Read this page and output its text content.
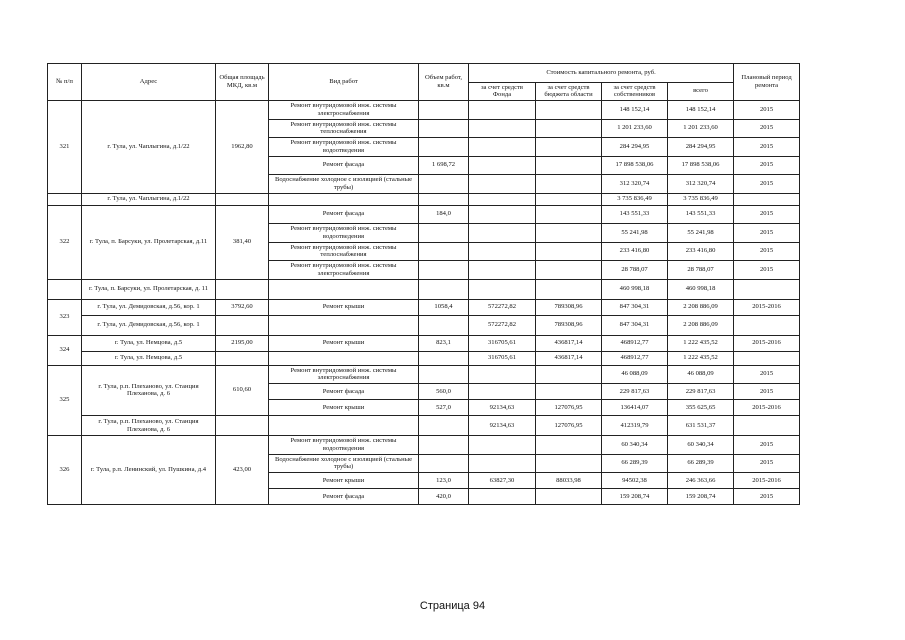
№ п/п	Адрес	Общая площадь МКД, кв.м	Вид работ	Объем работ, кв.м	Стоимость капитального ремонта, руб.				Плановый период ремонта
					за счет средств Фонда	за счет средств бюджета области	за счет средств собственников	всего	
321	г. Тула, ул. Чаплыгина, д.1/22	1962,80	Ремонт внутридомовой инж. системы электроснабжения				148 152,14	148 152,14	2015
			Ремонт внутридомовой инж. системы теплоснабжения				1 201 233,60	1 201 233,60	2015
			Ремонт внутридомовой инж. системы водоотведения				284 294,95	284 294,95	2015
			Ремонт фасада	1 698,72			17 898 538,06	17 898 538,06	2015
			Водоснабжение холодное с изоляцией (стальные трубы)				312 320,74	312 320,74	2015
	г. Тула, ул. Чаплыгина, д.1/22						3 735 836,49	3 735 836,49	
322	г. Тула, п. Барсуки, ул. Пролетарская, д.11	381,40	Ремонт фасада	184,0			143 551,33	143 551,33	2015
			Ремонт внутридомовой инж. системы водоотведения				55 241,98	55 241,98	2015
			Ремонт внутридомовой инж. системы теплоснабжения				233 416,80	233 416,80	2015
			Ремонт внутридомовой инж. системы электроснабжения				28 788,07	28 788,07	2015
	г. Тула, п. Барсуки, ул. Пролетарская, д. 11						460 998,18	460 998,18	
323	г. Тула, ул. Демидовская, д.56, кор. 1	3792,60	Ремонт крыши	1058,4	572272,82	789308,96	847 304,31	2 208 886,09	2015-2016
	г. Тула, ул. Демидовская, д.56, кор. 1				572272,82	789308,96	847 304,31	2 208 886,09	
324	г. Тула, ул. Немцова, д.5	2195,00	Ремонт крыши	823,1	316705,61	436817,14	468912,77	1 222 435,52	2015-2016
	г. Тула, ул. Немцова, д.5				316705,61	436817,14	468912,77	1 222 435,52	
325	г. Тула, р.п. Плехановo, ул. Станция Плеханова, д. 6	610,60	Ремонт внутридомовой инж. системы электроснабжения				46 088,09	46 088,09	2015
			Ремонт фасада	560,0			229 817,63	229 817,63	2015
			Ремонт крыши	527,0	92134,63	127076,95	136414,07	355 625,65	2015-2016
	г. Тула, р.п. Плеханово, ул. Станция Плеханова, д. 6				92134,63	127076,95	412319,79	631 531,37	
326	г. Тула, р.п. Ленинский, ул. Пушкина, д.4	423,00	Ремонт внутридомовой инж. системы водоотведения				60 340,34	60 340,34	2015
			Водоснабжение холодное с изоляцией (стальные трубы)				66 289,39	66 289,39	2015
			Ремонт крыши	123,0	63827,30	88033,98	94502,38	246 363,66	2015-2016
			Ремонт фасада	420,0			159 208,74	159 208,74	2015
Страница 94
